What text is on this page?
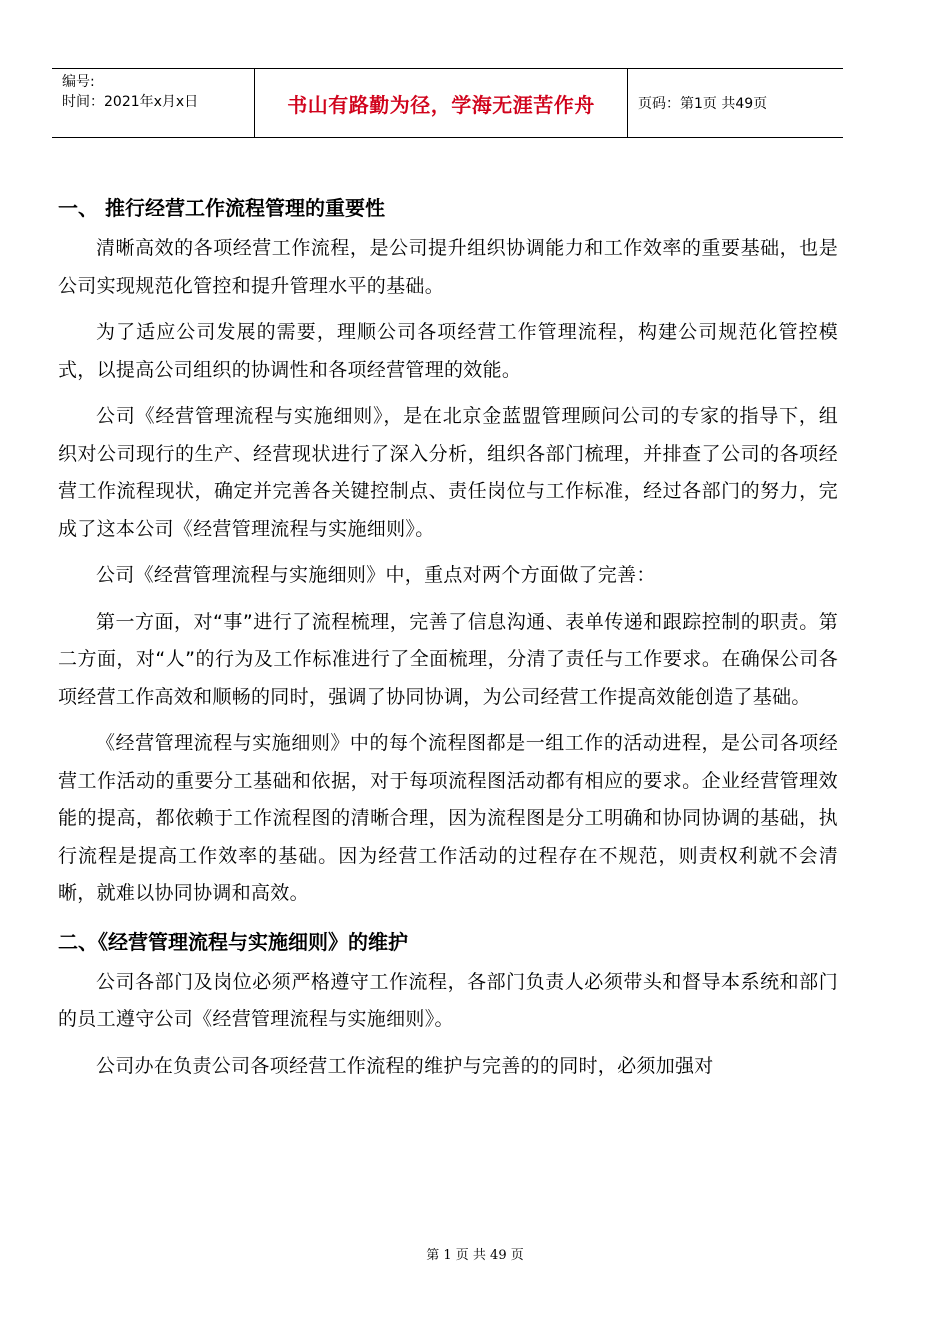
编号:
时间：2021年x月x日	书山有路勤为径，学海无涯苦作舟	页码：第1页 共49页
一、 推行经营工作流程管理的重要性

清晰高效的各项经营工作流程，是公司提升组织协调能力和工作效率的重要基础，也是公司实现规范化管控和提升管理水平的基础。

为了适应公司发展的需要，理顺公司各项经营工作管理流程，构建公司规范化管控模式，以提高公司组织的协调性和各项经营管理的效能。

公司《经营管理流程与实施细则》，是在北京金蓝盟管理顾问公司的专家的指导下，组织对公司现行的生产、经营现状进行了深入分析，组织各部门梳理，并排查了公司的各项经营工作流程现状，确定并完善各关键控制点、责任岗位与工作标准，经过各部门的努力，完成了这本公司《经营管理流程与实施细则》。

公司《经营管理流程与实施细则》中，重点对两个方面做了完善：

第一方面，对“事”进行了流程梳理，完善了信息沟通、表单传递和跟踪控制的职责。第二方面，对“人”的行为及工作标准进行了全面梳理，分清了责任与工作要求。在确保公司各项经营工作高效和顺畅的同时，强调了协同协调，为公司经营工作提高效能创造了基础。

《经营管理流程与实施细则》中的每个流程图都是一组工作的活动进程，是公司各项经营工作活动的重要分工基础和依据，对于每项流程图活动都有相应的要求。企业经营管理效能的提高，都依赖于工作流程图的清晰合理，因为流程图是分工明确和协同协调的基础，执行流程是提高工作效率的基础。因为经营工作活动的过程存在不规范，则责权利就不会清晰，就难以协同协调和高效。

二、《经营管理流程与实施细则》的维护

公司各部门及岗位必须严格遵守工作流程，各部门负责人必须带头和督导本系统和部门的员工遵守公司《经营管理流程与实施细则》。

公司办在负责公司各项经营工作流程的维护与完善的的同时，必须加强对

第 1 页 共 49 页
